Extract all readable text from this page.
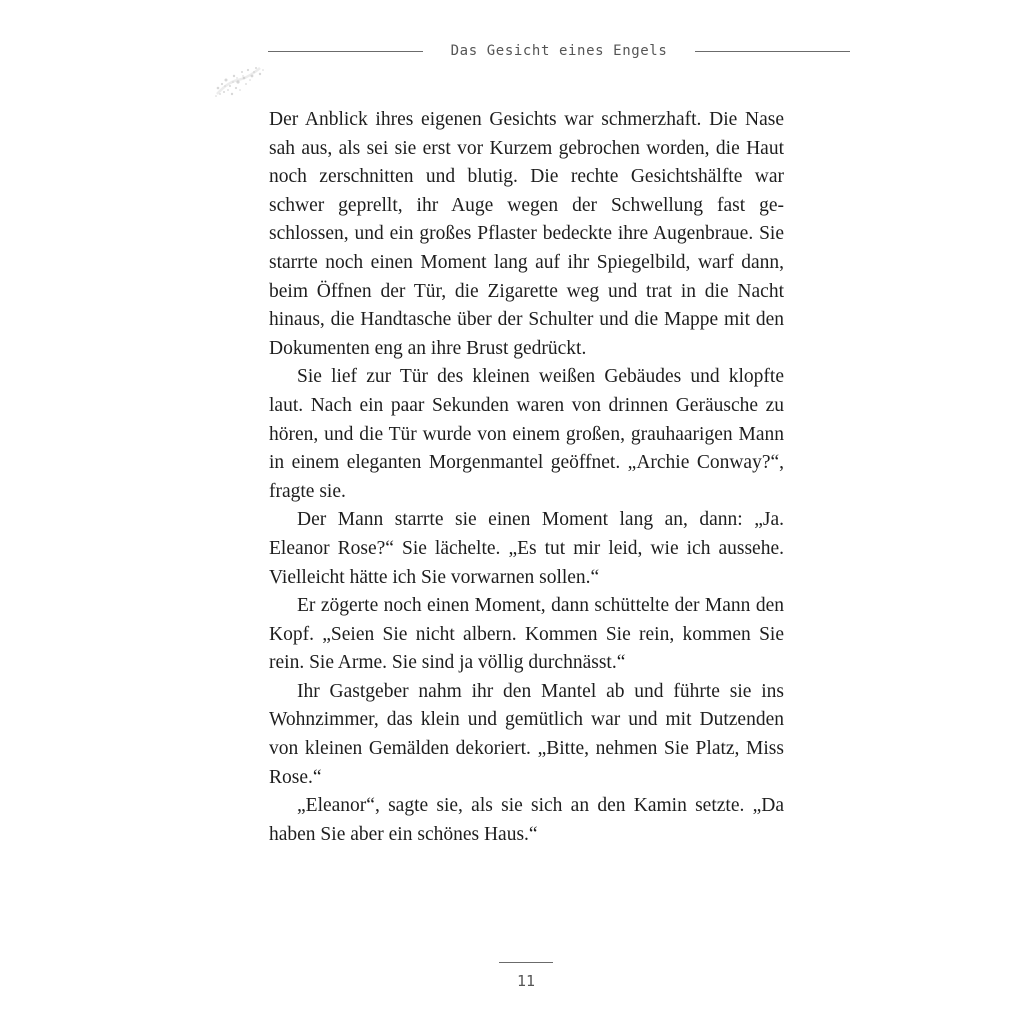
Das Gesicht eines Engels

Der Anblick ihres eigenen Gesichts war schmerzhaft. Die Nase sah aus, als sei sie erst vor Kurzem gebrochen worden, die Haut noch zerschnitten und blutig. Die rechte Gesichtshälfte war schwer geprellt, ihr Auge wegen der Schwellung fast geschlossen, und ein großes Pflaster bedeckte ihre Augenbraue. Sie starrte noch einen Moment lang auf ihr Spiegelbild, warf dann, beim Öffnen der Tür, die Zigarette weg und trat in die Nacht hinaus, die Handtasche über der Schulter und die Mappe mit den Dokumenten eng an ihre Brust gedrückt.

Sie lief zur Tür des kleinen weißen Gebäudes und klopfte laut. Nach ein paar Sekunden waren von drinnen Geräusche zu hören, und die Tür wurde von einem großen, grauhaarigen Mann in einem eleganten Morgenmantel geöffnet. „Archie Conway?“, fragte sie.

Der Mann starrte sie einen Moment lang an, dann: „Ja. Eleanor Rose?“ Sie lächelte. „Es tut mir leid, wie ich aussehe. Vielleicht hätte ich Sie vorwarnen sollen.“

Er zögerte noch einen Moment, dann schüttelte der Mann den Kopf. „Seien Sie nicht albern. Kommen Sie rein, kommen Sie rein. Sie Arme. Sie sind ja völlig durchnässt.“

Ihr Gastgeber nahm ihr den Mantel ab und führte sie ins Wohnzimmer, das klein und gemütlich war und mit Dutzenden von kleinen Gemälden dekoriert. „Bitte, nehmen Sie Platz, Miss Rose.“

„Eleanor“, sagte sie, als sie sich an den Kamin setzte. „Da haben Sie aber ein schönes Haus.“

11
